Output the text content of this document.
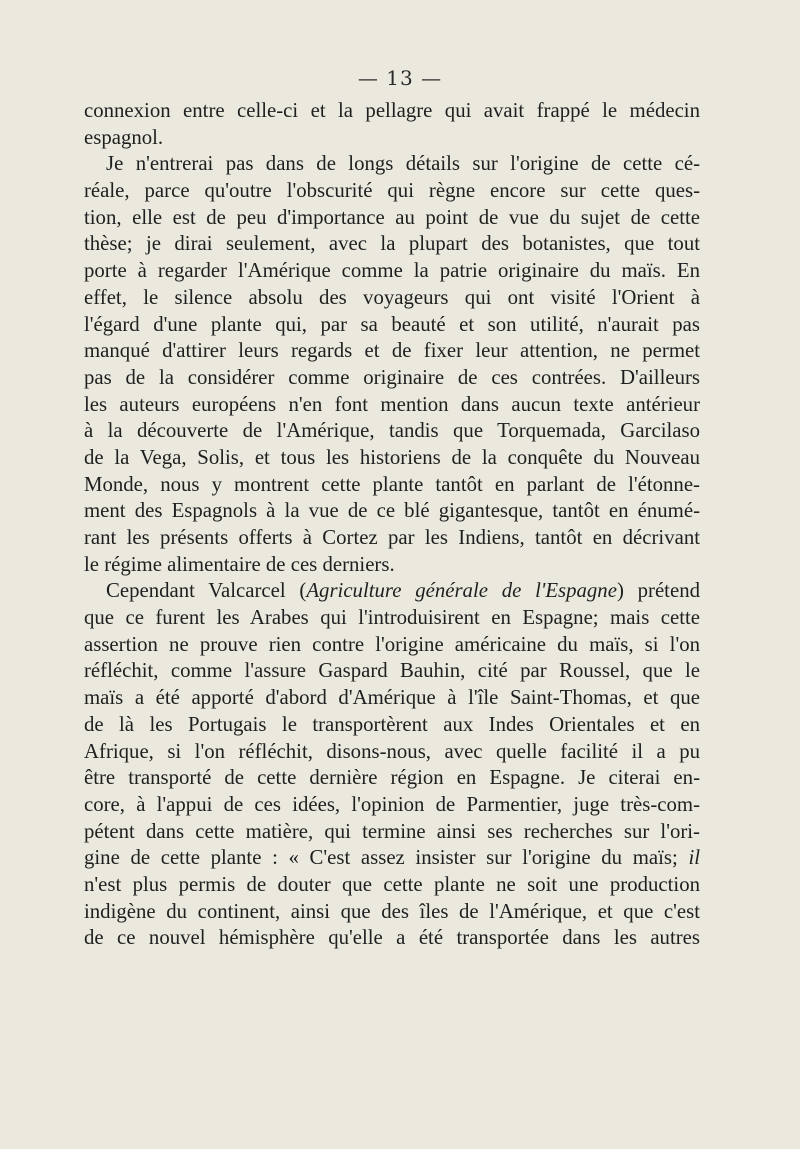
— 13 —
connexion entre celle-ci et la pellagre qui avait frappé le médecin
espagnol.
Je n'entrerai pas dans de longs détails sur l'origine de cette cé-
réale, parce qu'outre l'obscurité qui règne encore sur cette ques-
tion, elle est de peu d'importance au point de vue du sujet de cette
thèse; je dirai seulement, avec la plupart des botanistes, que tout
porte à regarder l'Amérique comme la patrie originaire du maïs. En
effet, le silence absolu des voyageurs qui ont visité l'Orient à
l'égard d'une plante qui, par sa beauté et son utilité, n'aurait pas
manqué d'attirer leurs regards et de fixer leur attention, ne permet
pas de la considérer comme originaire de ces contrées. D'ailleurs
les auteurs européens n'en font mention dans aucun texte antérieur
à la découverte de l'Amérique, tandis que Torquemada, Garcilaso
de la Vega, Solis, et tous les historiens de la conquête du Nouveau
Monde, nous y montrent cette plante tantôt en parlant de l'étonne-
ment des Espagnols à la vue de ce blé gigantesque, tantôt en énumé-
rant les présents offerts à Cortez par les Indiens, tantôt en décrivant
le régime alimentaire de ces derniers.
Cependant Valcarcel (Agriculture générale de l'Espagne) prétend
que ce furent les Arabes qui l'introduisirent en Espagne; mais cette
assertion ne prouve rien contre l'origine américaine du maïs, si l'on
réfléchit, comme l'assure Gaspard Bauhin, cité par Roussel, que le
maïs a été apporté d'abord d'Amérique à l'île Saint-Thomas, et que
de là les Portugais le transportèrent aux Indes Orientales et en
Afrique, si l'on réfléchit, disons-nous, avec quelle facilité il a pu
être transporté de cette dernière région en Espagne. Je citerai en-
core, à l'appui de ces idées, l'opinion de Parmentier, juge très-com-
pétent dans cette matière, qui termine ainsi ses recherches sur l'ori-
gine de cette plante : « C'est assez insister sur l'origine du maïs; il
n'est plus permis de douter que cette plante ne soit une production
indigène du continent, ainsi que des îles de l'Amérique, et que c'est
de ce nouvel hémisphère qu'elle a été transportée dans les autres
